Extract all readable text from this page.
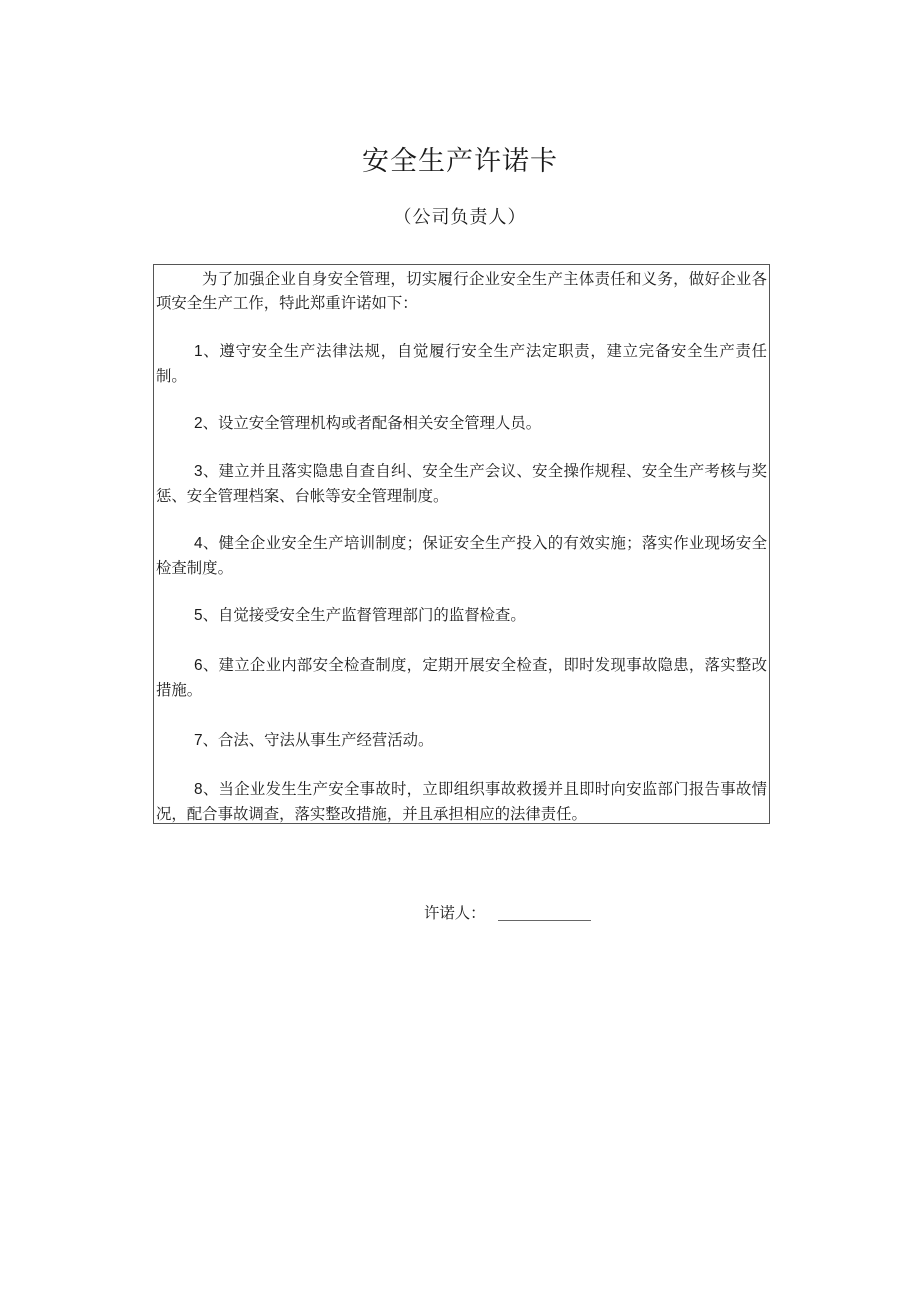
安全生产许诺卡
（公司负责人）

为了加强企业自身安全管理，切实履行企业安全生产主体责任和义务，做好企业各项安全生产工作，特此郑重许诺如下：

1、遵守安全生产法律法规，自觉履行安全生产法定职责，建立完备安全生产责任制。

2、设立安全管理机构或者配备相关安全管理人员。

3、建立并且落实隐患自查自纠、安全生产会议、安全操作规程、安全生产考核与奖惩、安全管理档案、台帐等安全管理制度。

4、健全企业安全生产培训制度；保证安全生产投入的有效实施；落实作业现场安全检查制度。

5、自觉接受安全生产监督管理部门的监督检查。

6、建立企业内部安全检查制度，定期开展安全检查，即时发现事故隐患，落实整改措施。

7、合法、守法从事生产经营活动。

8、当企业发生生产安全事故时，立即组织事故救援并且即时向安监部门报告事故情况，配合事故调查，落实整改措施，并且承担相应的法律责任。

许诺人：
